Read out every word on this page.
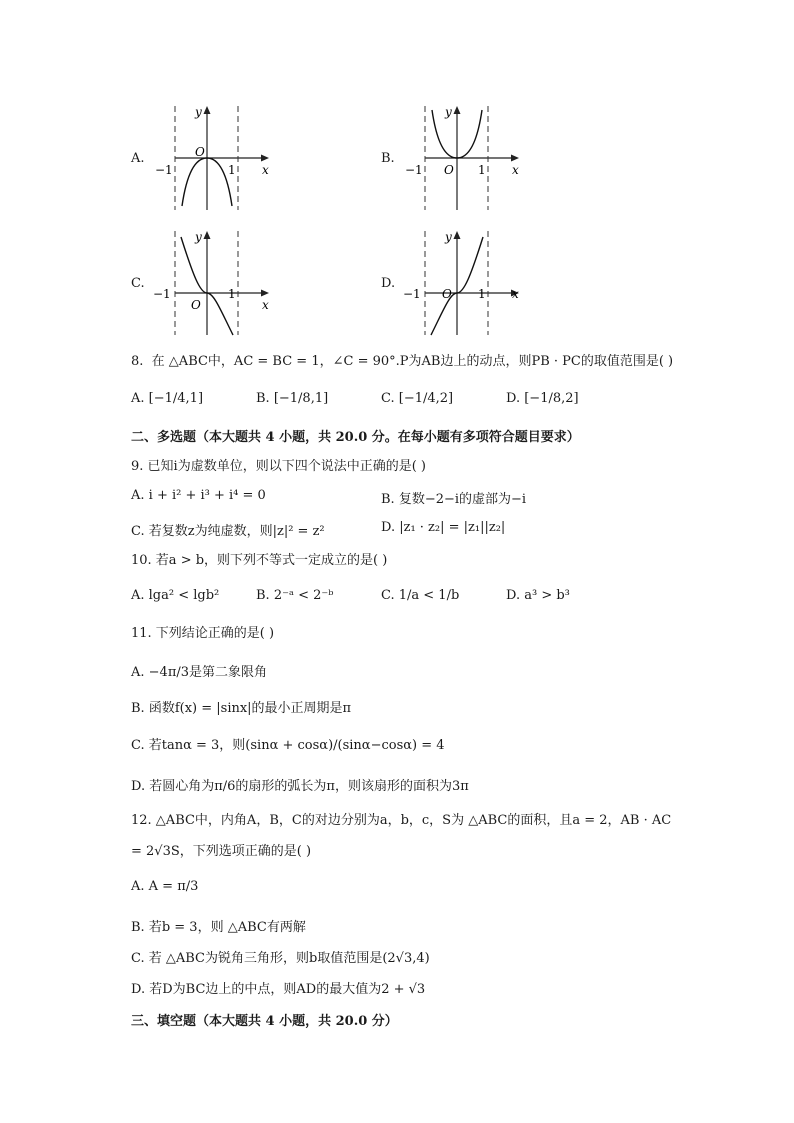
A.
y
O
x
−1	1
B.
y
O	x
−1	1
C.
y
O	x
−1	1
D.
y
O	x
−1	1
8. 在 △ABC中，AC = BC = 1，∠C = 90°.P为AB边上的动点，则PB · PC的取值范围是( )
A. [−1/4,1]	B. [−1/8,1]	C. [−1/4,2]	D. [−1/8,2]
二、多选题（本大题共 4 小题，共 20.0 分。在每小题有多项符合题目要求）
9. 已知i为虚数单位，则以下四个说法中正确的是( )
A. i + i² + i³ + i⁴ = 0	B. 复数−2−i的虚部为−i
C. 若复数z为纯虚数，则|z|² = z²	D. |z₁ · z₂| = |z₁||z₂|
10. 若a > b，则下列不等式一定成立的是( )
A. lga² < lgb²	B. 2⁻ᵃ < 2⁻ᵇ	C. 1/a < 1/b	D. a³ > b³
11. 下列结论正确的是( )
A. −4π/3是第二象限角
B. 函数f(x) = |sinx|的最小正周期是π
C. 若tanα = 3，则(sinα + cosα)/(sinα−cosα) = 4
D. 若圆心角为π/6的扇形的弧长为π，则该扇形的面积为3π
12. △ABC中，内角A，B，C的对边分别为a，b，c，S为 △ABC的面积，且a = 2，AB · AC
= 2√3S，下列选项正确的是( )
A. A = π/3
B. 若b = 3，则 △ABC有两解
C. 若 △ABC为锐角三角形，则b取值范围是(2√3,4)
D. 若D为BC边上的中点，则AD的最大值为2 + √3
三、填空题（本大题共 4 小题，共 20.0 分）
